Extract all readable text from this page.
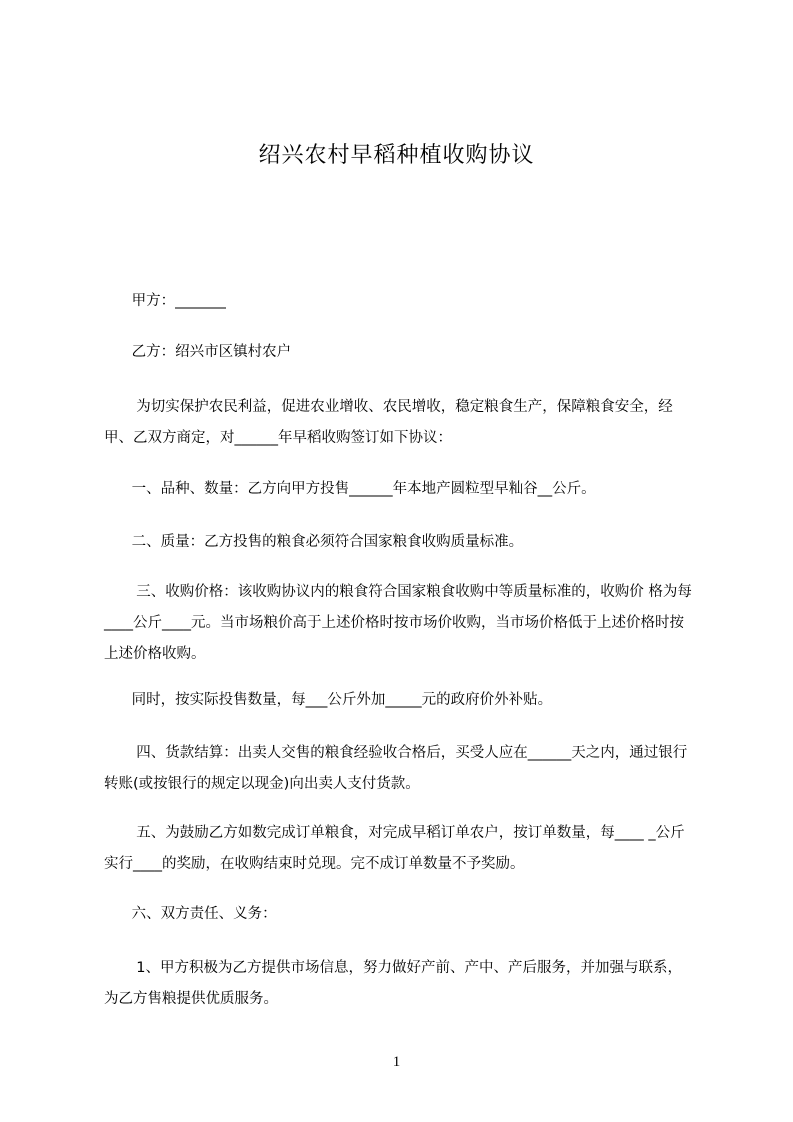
绍兴农村早稻种植收购协议
甲方：_______
乙方：绍兴市区镇村农户
为切实保护农民利益，促进农业增收、农民增收，稳定粮食生产，保障粮食安全，经甲、乙双方商定，对______年早稻收购签订如下协议：
一、品种、数量：乙方向甲方投售______年本地产圆粒型早籼谷__公斤。
二、质量：乙方投售的粮食必须符合国家粮食收购质量标准。
三、收购价格：该收购协议内的粮食符合国家粮食收购中等质量标准的，收购价 格为每____公斤____元。当市场粮价高于上述价格时按市场价收购，当市场价格低于上述价格时按上述价格收购。
同时，按实际投售数量，每___公斤外加_____元的政府价外补贴。
四、货款结算：出卖人交售的粮食经验收合格后，买受人应在______天之内，通过银行转账(或按银行的规定以现金)向出卖人支付货款。
五、为鼓励乙方如数完成订单粮食，对完成早稻订单农户，按订单数量，每____ _公斤实行____的奖励，在收购结束时兑现。完不成订单数量不予奖励。
六、双方责任、义务：
1、甲方积极为乙方提供市场信息，努力做好产前、产中、产后服务，并加强与联系，为乙方售粮提供优质服务。
1
